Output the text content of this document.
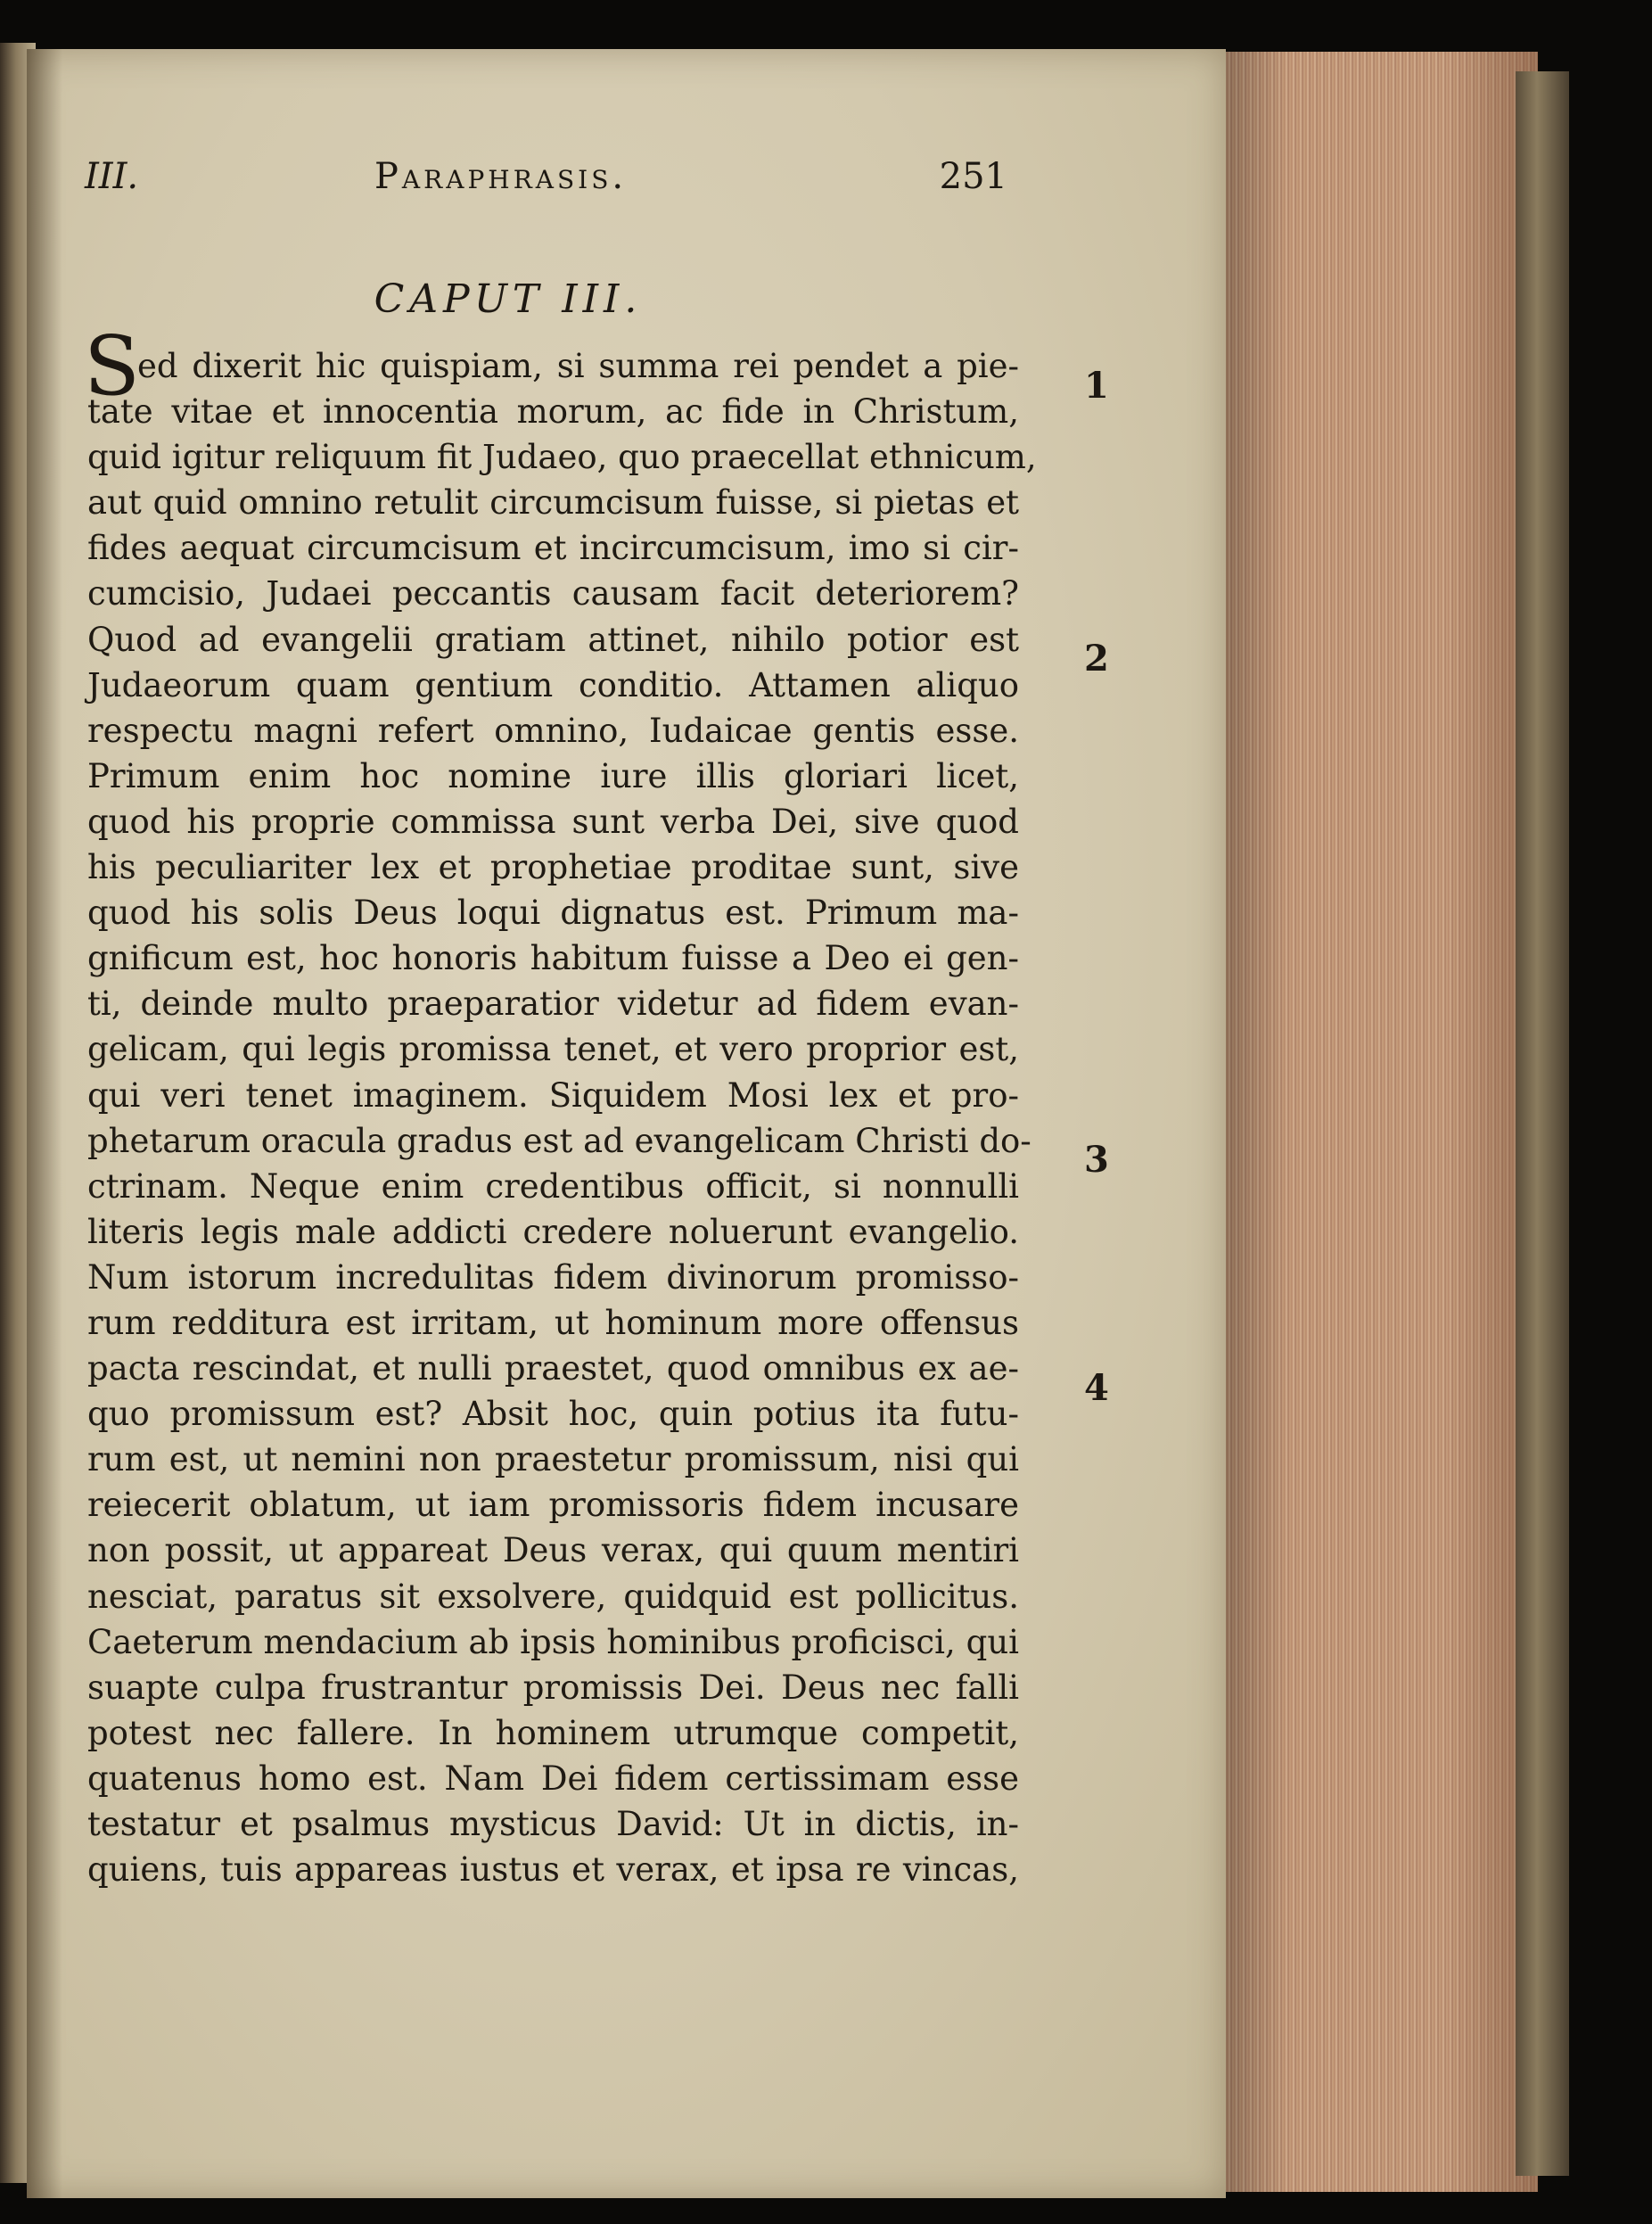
III.	Paraphrasis.	251
CAPUT III.
S
ed dixerit hic quispiam, si summa rei pendet a pie-
tate vitae et innocentia morum, ac fide in Christum,
quid igitur reliquum fit Judaeo, quo praecellat ethnicum,
aut quid omnino retulit circumcisum fuisse, si pietas et
fides aequat circumcisum et incircumcisum, imo si cir-
cumcisio, Judaei peccantis causam facit deteriorem?
Quod ad evangelii gratiam attinet, nihilo potior est
Judaeorum quam gentium conditio. Attamen aliquo
respectu magni refert omnino, Iudaicae gentis esse.
Primum enim hoc nomine iure illis gloriari licet,
quod his proprie commissa sunt verba Dei, sive quod
his peculiariter lex et prophetiae proditae sunt, sive
quod his solis Deus loqui dignatus est. Primum ma-
gnificum est, hoc honoris habitum fuisse a Deo ei gen-
ti, deinde multo praeparatior videtur ad fidem evan-
gelicam, qui legis promissa tenet, et vero proprior est,
qui veri tenet imaginem. Siquidem Mosi lex et pro-
phetarum oracula gradus est ad evangelicam Christi do-
ctrinam. Neque enim credentibus officit, si nonnulli
literis legis male addicti credere noluerunt evangelio.
Num istorum incredulitas fidem divinorum promisso-
rum redditura est irritam, ut hominum more offensus
pacta rescindat, et nulli praestet, quod omnibus ex ae-
quo promissum est? Absit hoc, quin potius ita futu-
rum est, ut nemini non praestetur promissum, nisi qui
reiecerit oblatum, ut iam promissoris fidem incusare
non possit, ut appareat Deus verax, qui quum mentiri
nesciat, paratus sit exsolvere, quidquid est pollicitus.
Caeterum mendacium ab ipsis hominibus proficisci, qui
suapte culpa frustrantur promissis Dei. Deus nec falli
potest nec fallere. In hominem utrumque competit,
quatenus homo est. Nam Dei fidem certissimam esse
testatur et psalmus mysticus David: Ut in dictis, in-
quiens, tuis appareas iustus et verax, et ipsa re vincas,
1
2
3
4
